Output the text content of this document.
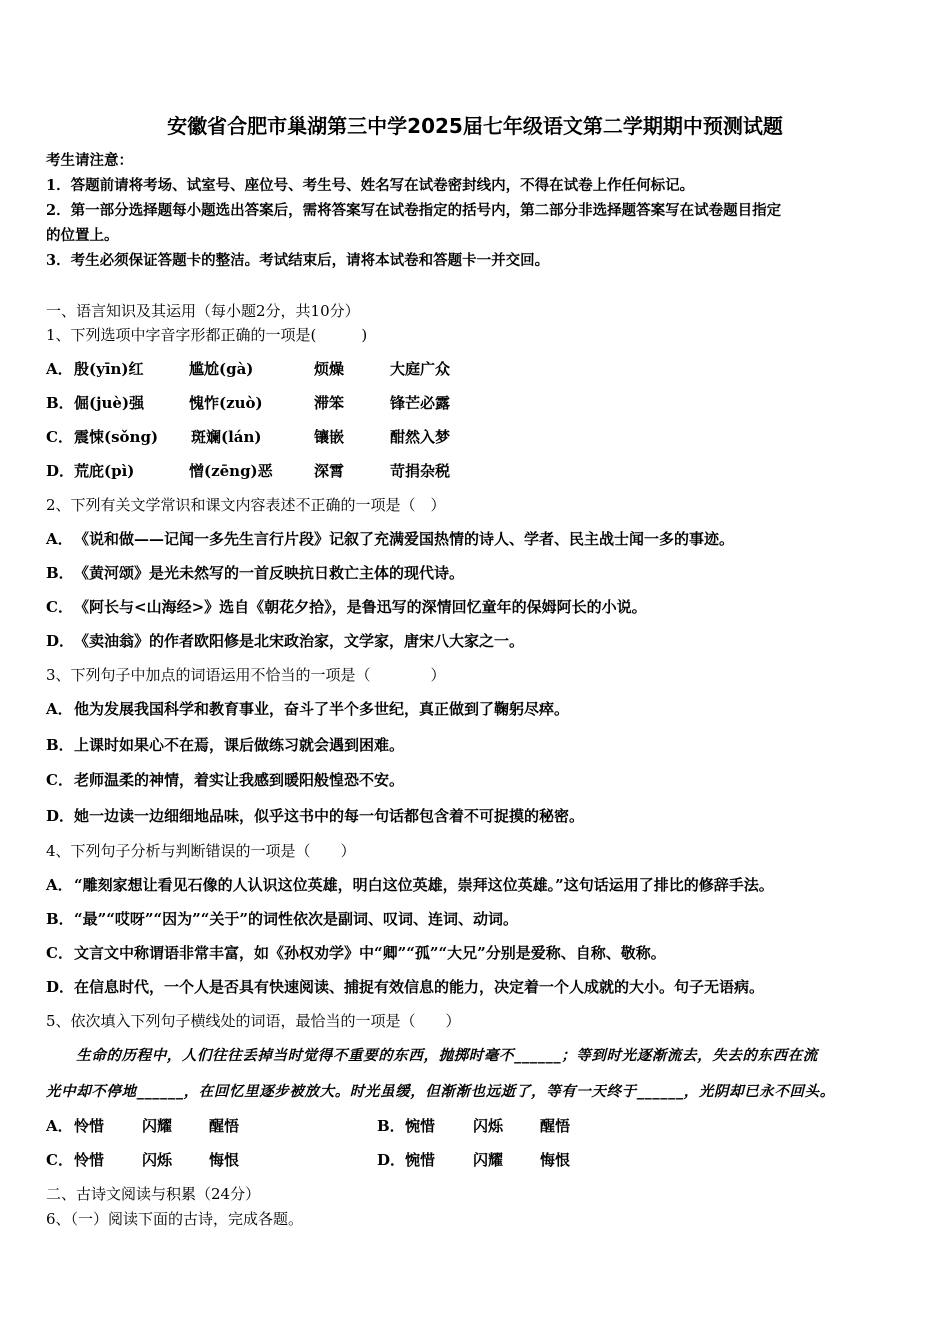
安徽省合肥市巢湖第三中学2025届七年级语文第二学期期中预测试题
考生请注意：
1．答题前请将考场、试室号、座位号、考生号、姓名写在试卷密封线内，不得在试卷上作任何标记。
2．第一部分选择题每小题选出答案后，需将答案写在试卷指定的括号内，第二部分非选择题答案写在试卷题目指定
的位置上。
3．考生必须保证答题卡的整洁。考试结束后，请将本试卷和答题卡一并交回。
一、语言知识及其运用（每小题2分，共10分）
1、下列选项中字音字形都正确的一项是(　　　)
A． 殷(yīn)红	尴尬(gà)	烦燥	大庭广众
B． 倔(juè)强	愧怍(zuò)	滞笨	锋芒必露
C． 震悚(sǒng) 斑斓(lán)	镶嵌	酣然入梦
D． 荒庇(pì)	憎(zēng)恶	深霄	苛捐杂税
2、下列有关文学常识和课文内容表述不正确的一项是（　）
A．《说和做——记闻一多先生言行片段》记叙了充满爱国热情的诗人、学者、民主战士闻一多的事迹。
B．《黄河颂》是光未然写的一首反映抗日救亡主体的现代诗。
C．《阿长与<山海经>》选自《朝花夕拾》，是鲁迅写的深情回忆童年的保姆阿长的小说。
D．《卖油翁》的作者欧阳修是北宋政治家，文学家，唐宋八大家之一。
3、下列句子中加点的词语运用不恰当的一项是（　　　　）
A．他为发展我国科学和教育事业，奋斗了半个多世纪，真正做到了鞠躬尽瘁。
B．上课时如果心不在焉，课后做练习就会遇到困难。
C．老师温柔的神情，着实让我感到暖阳般惶恐不安。
D．她一边读一边细细地品味，似乎这书中的每一句话都包含着不可捉摸的秘密。
4、下列句子分析与判断错误的一项是（　　）
A．“雕刻家想让看见石像的人认识这位英雄，明白这位英雄，崇拜这位英雄。”这句话运用了排比的修辞手法。
B．“最”“哎呀”“因为”“关于”的词性依次是副词、叹词、连词、动词。
C．文言文中称谓语非常丰富，如《孙权劝学》中“卿”“孤”“大兄”分别是爱称、自称、敬称。
D．在信息时代，一个人是否具有快速阅读、捕捉有效信息的能力，决定着一个人成就的大小。句子无语病。
5、依次填入下列句子横线处的词语，最恰当的一项是（　　）
　　生命的历程中，人们往往丢掉当时觉得不重要的东西，抛掷时毫不______；等到时光逐渐流去，失去的东西在流
光中却不停地______，在回忆里逐步被放大。时光虽缓，但渐渐也远逝了，等有一天终于______，光阴却已永不回头。
A． 怜惜	闪耀 醒悟	B． 惋惜	闪烁 醒悟
C． 怜惜	闪烁 悔恨	D． 惋惜	闪耀 悔恨
二、古诗文阅读与积累（24分）
6、（一）阅读下面的古诗，完成各题。
